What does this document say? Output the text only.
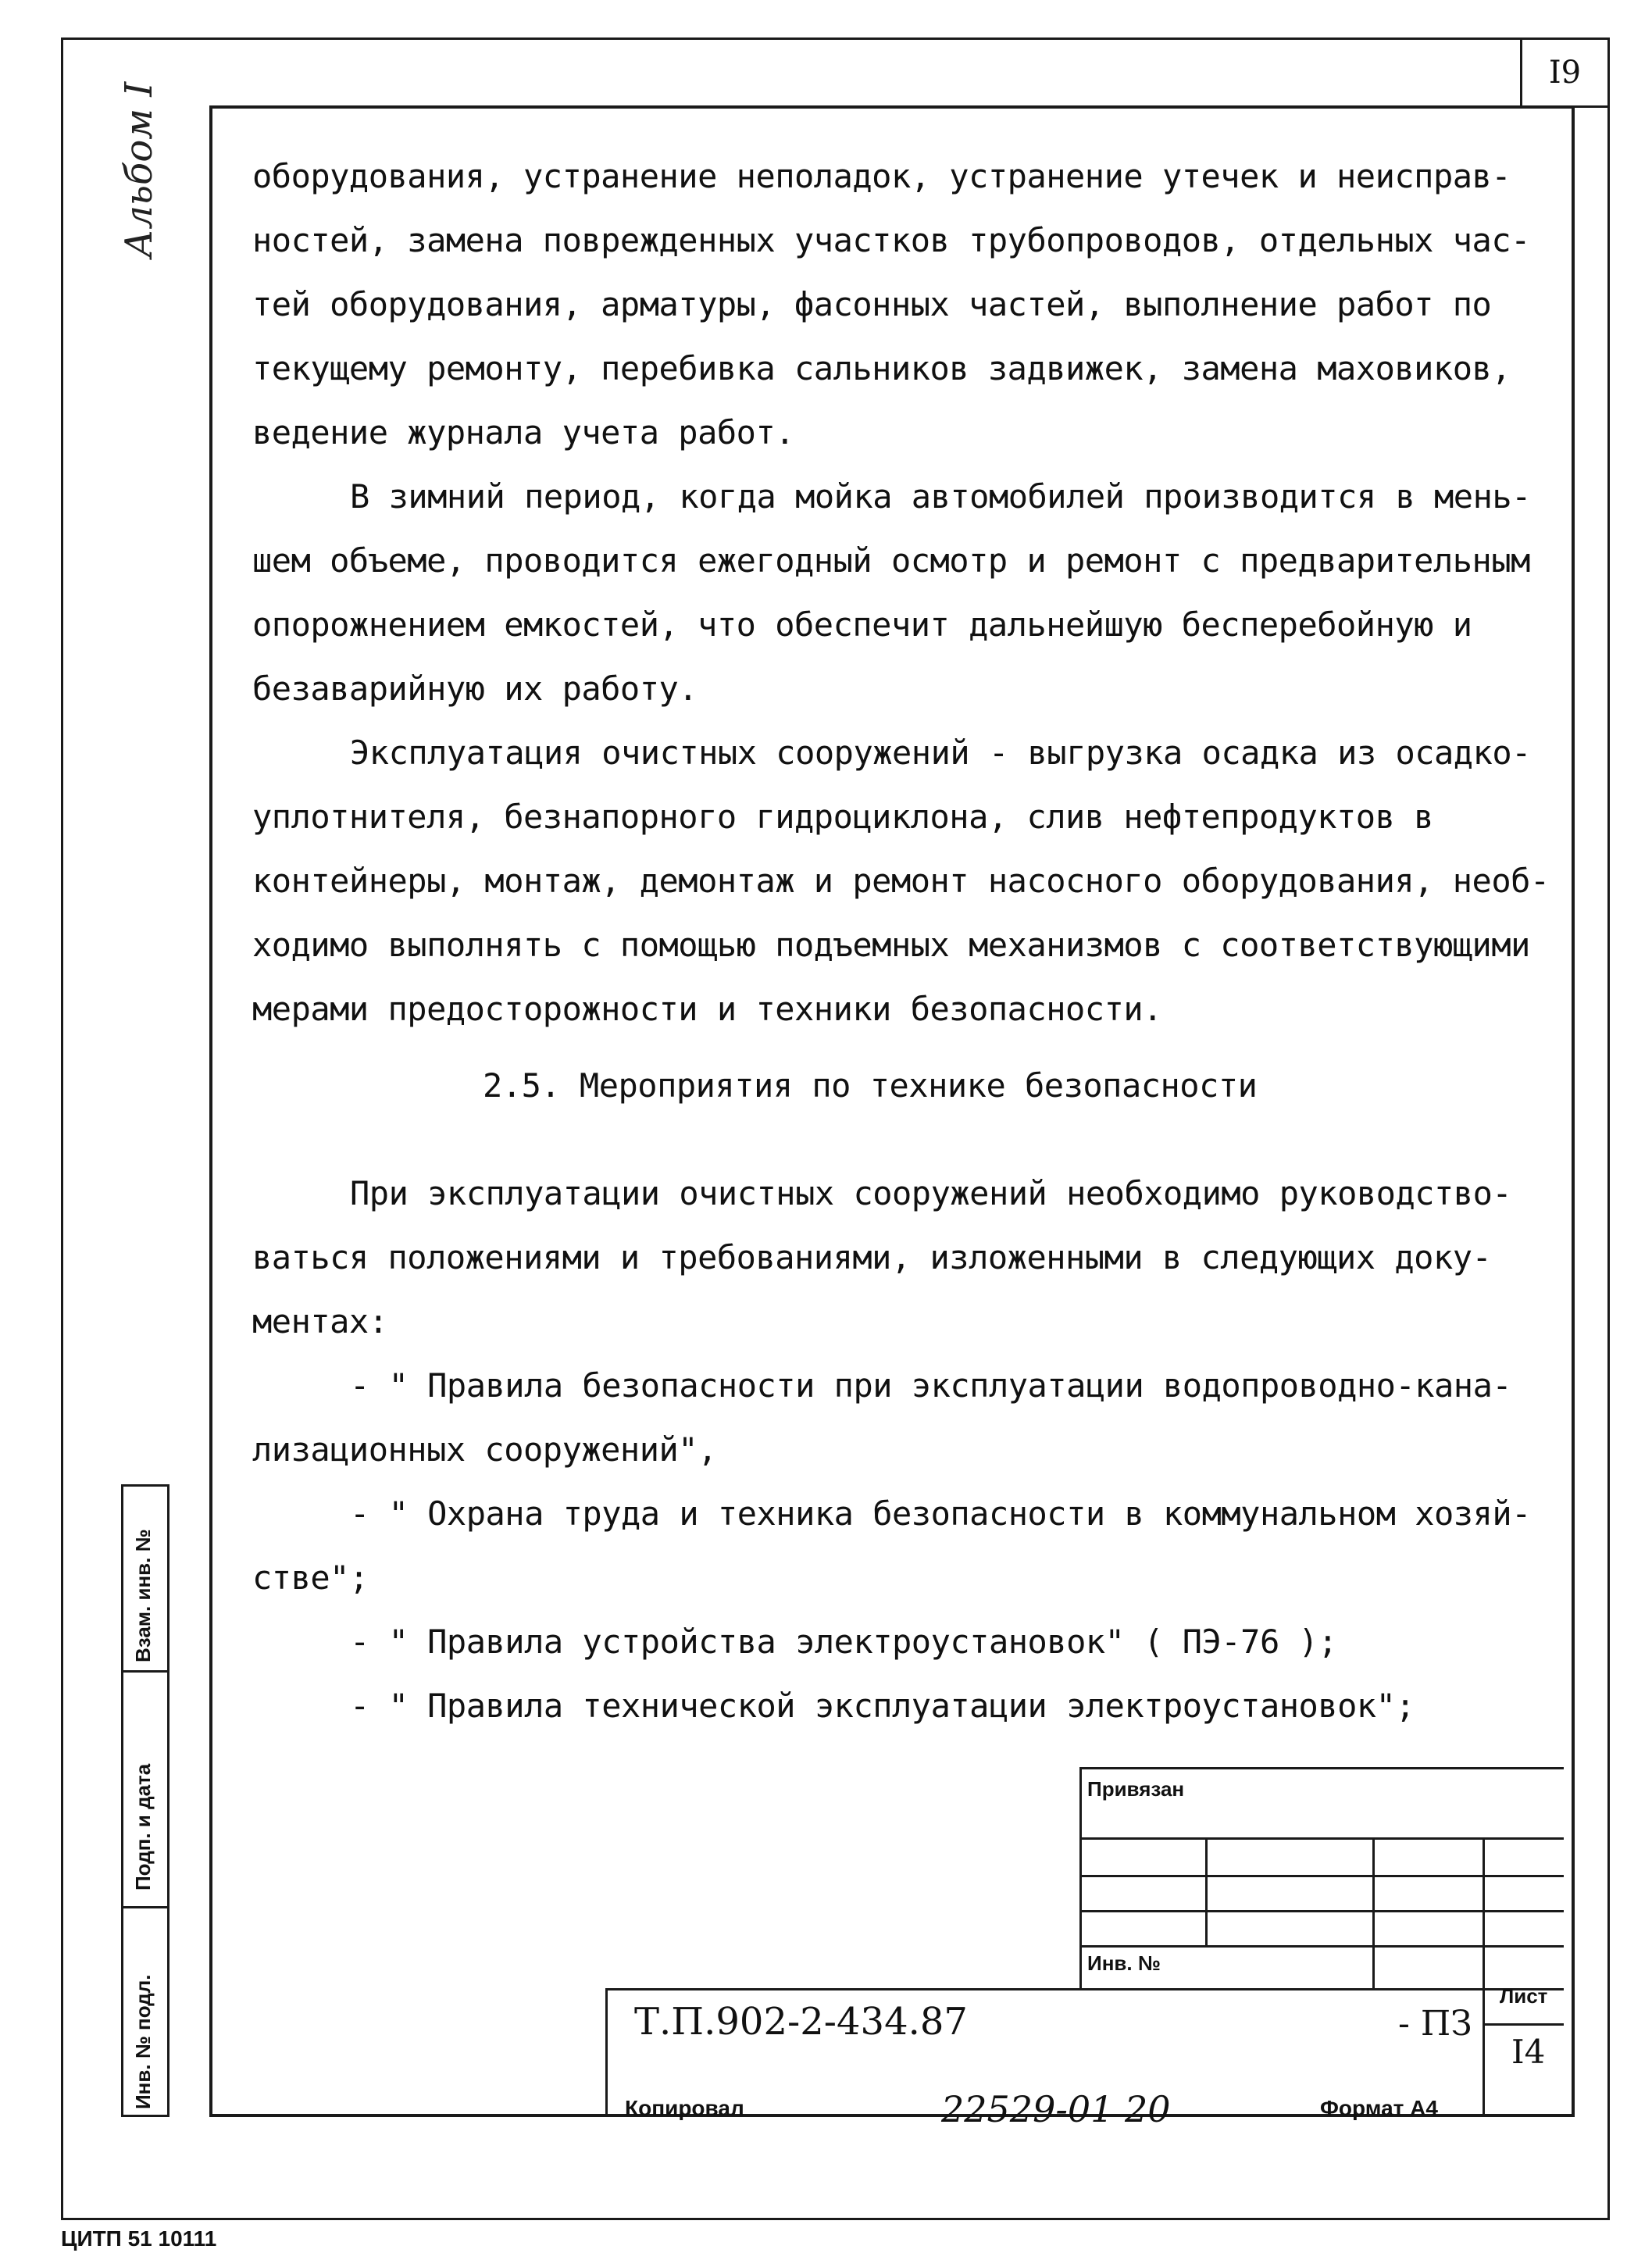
I9
Альбом I	оборудования, устранение неполадок, устранение утечек и неисправ-
ностей, замена поврежденных участков трубопроводов, отдельных час-
тей оборудования, арматуры, фасонных частей, выполнение работ по
текущему ремонту, перебивка сальников задвижек, замена маховиков,
ведение журнала учета работ.
В зимний период, когда мойка автомобилей производится в мень-
шем объеме, проводится ежегодный осмотр и ремонт с предварительным
опорожнением емкостей, что обеспечит дальнейшую бесперебойную и
безаварийную их работу.
Эксплуатация очистных сооружений - выгрузка осадка из осадко-
уплотнителя, безнапорного гидроциклона, слив нефтепродуктов в
контейнеры, монтаж, демонтаж и ремонт насосного оборудования, необ-
ходимо выполнять с помощью подъемных механизмов с соответствующими
мерами предосторожности и техники безопасности.
2.5. Мероприятия по технике безопасности
При эксплуатации очистных сооружений необходимо руководство-
ваться положениями и требованиями, изложенными в следующих доку-
ментах:
- " Правила безопасности при эксплуатации водопроводно-кана-
лизационных сооружений",
- " Охрана труда и техника безопасности в коммунальном хозяй-
стве";
- " Правила устройства электроустановок" ( ПЭ-76 );
- " Правила технической эксплуатации электроустановок";
Взам. инв. №
Подп. и дата
Инв. № подл.
Привязан
Инв. №
Т.П.902-2-434.87	- ПЗ
Лист
I4
Копировал	22529-01 20	Формат А4
ЦИТП 51 10111
